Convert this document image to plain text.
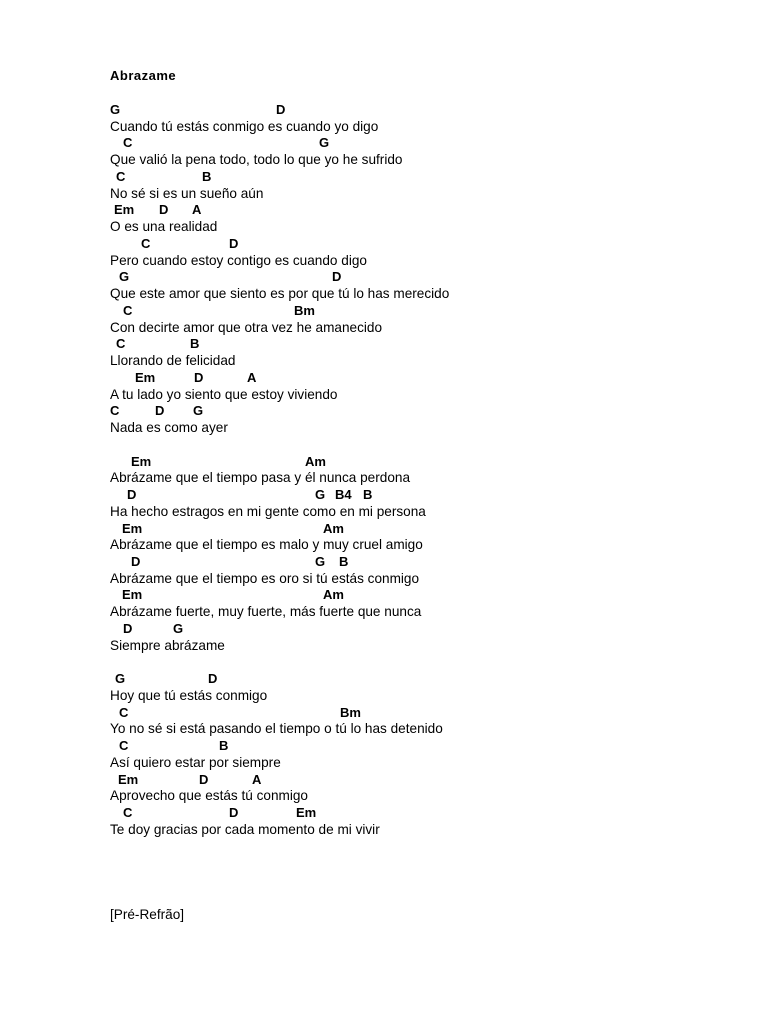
Abrazame
G	D
Cuando tú estás conmigo es cuando yo digo
C	G
Que valió la pena todo, todo lo que yo he sufrido
C	B
No sé si es un sueño aún
Em D A
O es una realidad
C	D
Pero cuando estoy contigo es cuando digo
G	D
Que este amor que siento es por que tú lo has merecido
C	Bm
Con decirte amor que otra vez he amanecido
C	B
Llorando de felicidad
Em	D	A
A tu lado yo siento que estoy viviendo
C	D G
Nada es como ayer
Em	Am
Abrázame que el tiempo pasa y él nunca perdona
D	G B4 B
Ha hecho estragos en mi gente como en mi persona
Em	Am
Abrázame que el tiempo es malo y muy cruel amigo
D	G B
Abrázame que el tiempo es oro si tú estás conmigo
Em	Am
Abrázame fuerte, muy fuerte, más fuerte que nunca
D	G
Siempre abrázame
G	D
Hoy que tú estás conmigo
C	Bm
Yo no sé si está pasando el tiempo o tú lo has detenido
C	B
Así quiero estar por siempre
Em	D	A
Aprovecho que estás tú conmigo
C	D	Em
Te doy gracias por cada momento de mi vivir
[Pré-Refrão]
